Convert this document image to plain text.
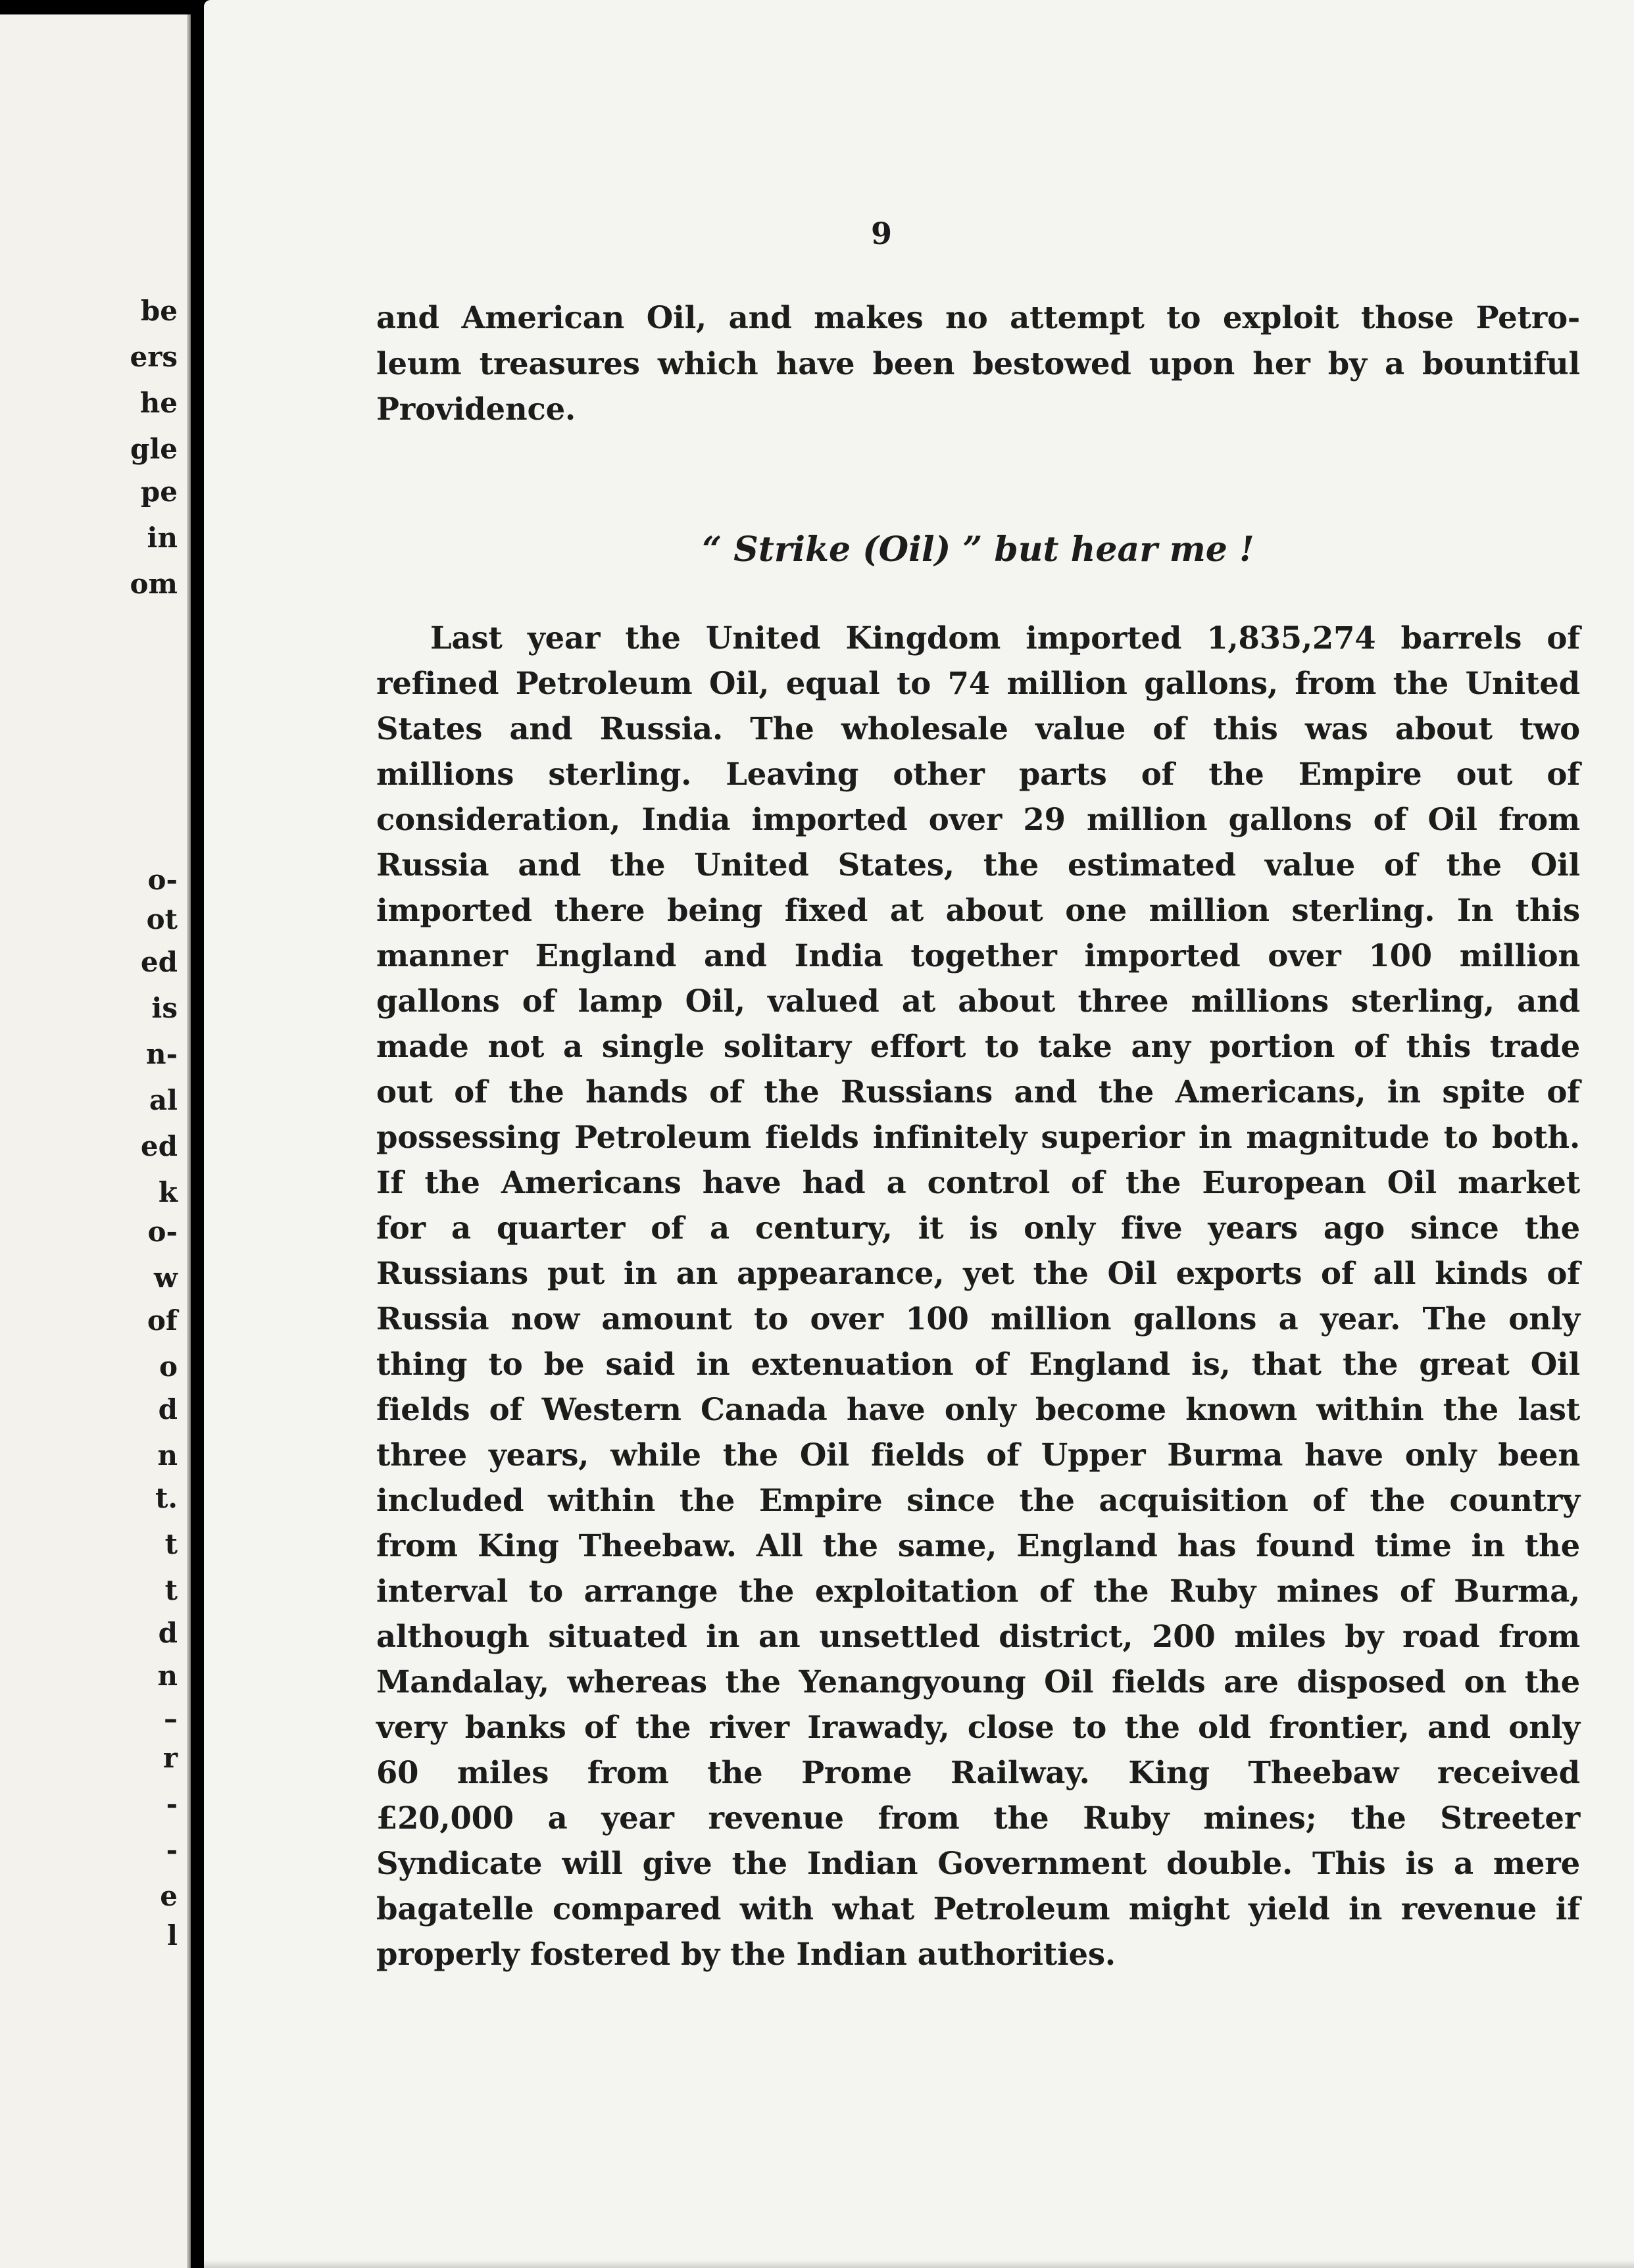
be
ers
he
gle
pe
in
om
o-
ot
ed
is
n-
al
ed
k
o-
w
of
o
d
n
t.
t
t
d
n
–
r
-
-
e
l
9
and American Oil, and makes no attempt to exploit those Petro-
leum treasures which have been bestowed upon her by a bountiful
Providence.
“ Strike (Oil) ” but hear me !
Last year the United Kingdom imported 1,835,274 barrels of
refined Petroleum Oil, equal to 74 million gallons, from the United
States and Russia. The wholesale value of this was about two
millions sterling. Leaving other parts of the Empire out of
consideration, India imported over 29 million gallons of Oil from
Russia and the United States, the estimated value of the Oil
imported there being fixed at about one million sterling. In this
manner England and India together imported over 100 million
gallons of lamp Oil, valued at about three millions sterling, and
made not a single solitary effort to take any portion of this trade
out of the hands of the Russians and the Americans, in spite of
possessing Petroleum fields infinitely superior in magnitude to both.
If the Americans have had a control of the European Oil market
for a quarter of a century, it is only five years ago since the
Russians put in an appearance, yet the Oil exports of all kinds of
Russia now amount to over 100 million gallons a year. The only
thing to be said in extenuation of England is, that the great Oil
fields of Western Canada have only become known within the last
three years, while the Oil fields of Upper Burma have only been
included within the Empire since the acquisition of the country
from King Theebaw. All the same, England has found time in the
interval to arrange the exploitation of the Ruby mines of Burma,
although situated in an unsettled district, 200 miles by road from
Mandalay, whereas the Yenangyoung Oil fields are disposed on the
very banks of the river Irawady, close to the old frontier, and only
60 miles from the Prome Railway. King Theebaw received
£20,000 a year revenue from the Ruby mines; the Streeter
Syndicate will give the Indian Government double. This is a mere
bagatelle compared with what Petroleum might yield in revenue if
properly fostered by the Indian authorities.
